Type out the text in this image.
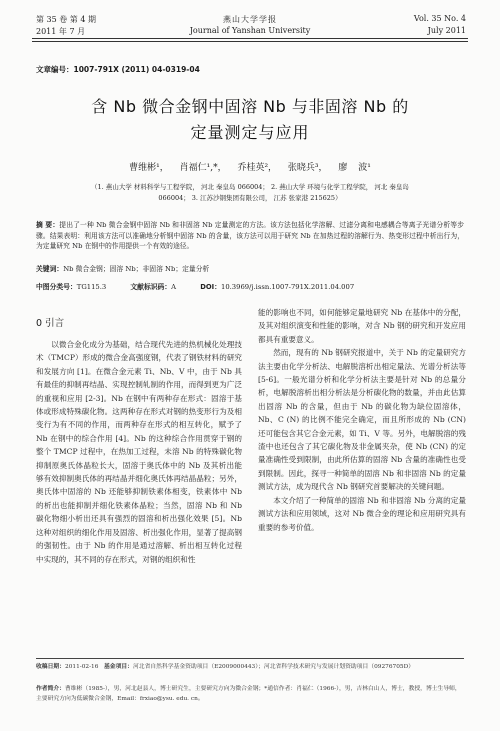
第 35 卷 第 4 期
2011 年 7 月
燕山大学学报
Journal of Yanshan University
Vol. 35 No. 4
July 2011
文章编号：1007-791X (2011) 04-0319-04
含 Nb 微合金钢中固溶 Nb 与非固溶 Nb 的
定量测定与应用
曹维彬¹， 肖福仁¹,*， 乔桂英²， 张晓兵³， 廖 波¹
（1. 燕山大学 材料科学与工程学院， 河北 秦皇岛 066004； 2. 燕山大学 环境与化学工程学院， 河北 秦皇岛
066004； 3. 江苏沙钢集团有限公司， 江苏 张家港 215625）
摘 要：提出了一种 Nb 微合金钢中固溶 Nb 和非固溶 Nb 定量测定的方法。该方法包括化学溶解、过滤分离和电感耦合等离子光谱分析等步骤。结果表明：利用该方法可以准确地分析钢中固溶 Nb 的含量，该方法可以用于研究 Nb 在加热过程的溶解行为、热变形过程中析出行为，为定量研究 Nb 在钢中的作用提供一个有效的途径。
关键词：Nb 微合金钢；固溶 Nb；非固溶 Nb；定量分析
中图分类号：TG115.3	文献标识码：A	DOI：10.3969/j.issn.1007-791X.2011.04.007
0 引言

以微合金化成分为基础，结合现代先进的热机械化处理技术（TMCP）形成的微合金高强度钢，代表了钢铁材料的研究和发展方向 [1]。在微合金元素 Ti、Nb、V 中，由于 Nb 具有最佳的抑制再结晶、实现控制轧制的作用，而得到更为广泛的重视和应用 [2-3]。Nb 在钢中有两种存在形式：固溶于基体或形成特殊碳化物。这两种存在形式对钢的热变形行为及相变行为有不同的作用，而两种存在形式的相互转化，赋予了 Nb 在钢中的综合作用 [4]。Nb 的这种综合作用贯穿于钢的整个 TMCP 过程中，在热加工过程，未溶 Nb 的特殊碳化物抑制原奥氏体晶粒长大，固溶于奥氏体中的 Nb 及其析出能够有效抑制奥氏体的再结晶并细化奥氏体再结晶晶粒；另外，奥氏体中固溶的 Nb 还能够抑制铁素体相变，铁素体中 Nb 的析出也能抑制并细化铁素体晶粒；当然，固溶 Nb 和 Nb 碳化物细小析出还具有强烈的固溶和析出强化效果 [5]。Nb 这种对组织的细化作用及固溶、析出强化作用，显著了提高钢的强韧性。由于 Nb 的作用是通过溶解、析出相互转化过程中实现的，其不同的存在形式，对钢的组织和性

能的影响也不同，如何能够定量地研究 Nb 在基体中的分配，及其对组织演变和性能的影响，对含 Nb 钢的研究和开发应用都具有重要意义。

然而，现有的 Nb 钢研究报道中，关于 Nb 的定量研究方法主要由化学分析法、电解脱溶析出相定量法、光谱分析法等 [5-6]。一般光谱分析和化学分析法主要是针对 Nb 的总量分析，电解脱溶析出相分析法是分析碳化物的数量，并由此估算出固溶 Nb 的含量，但由于 Nb 的碳化物为缺位固溶体，Nb、C (N) 的比例不能完全确定，而且所形成的 Nb (CN) 还可能包含其它合金元素，如 Ti、V 等。另外，电解脱溶的残渣中也还包含了其它碳化物及非金属夹杂，使 Nb (CN) 的定量准确性受到限制，由此所估算的固溶 Nb 含量的准确性也受到限制。因此，探寻一种简单的固溶 Nb 和非固溶 Nb 的定量测试方法，成为现代含 Nb 钢研究首要解决的关键问题。

本文介绍了一种简单的固溶 Nb 和非固溶 Nb 分离的定量测试方法和应用领域，这对 Nb 微合金的理论和应用研究具有重要的参考价值。

收稿日期：2011-02-16 基金项目：河北省自然科学基金资助项目（E2009000443）；河北省科学技术研究与发展计划资助项目（09276705D）
作者简介：曹维彬（1985-），男，河北赵县人，博士研究生，主要研究方向为微合金钢；*通信作者：肖福仁（1966-），男，吉林白山人，博士，教授，博士生导师，主要研究方向为低碳微合金钢，Email：frxiao@ysu. edu. cn。
